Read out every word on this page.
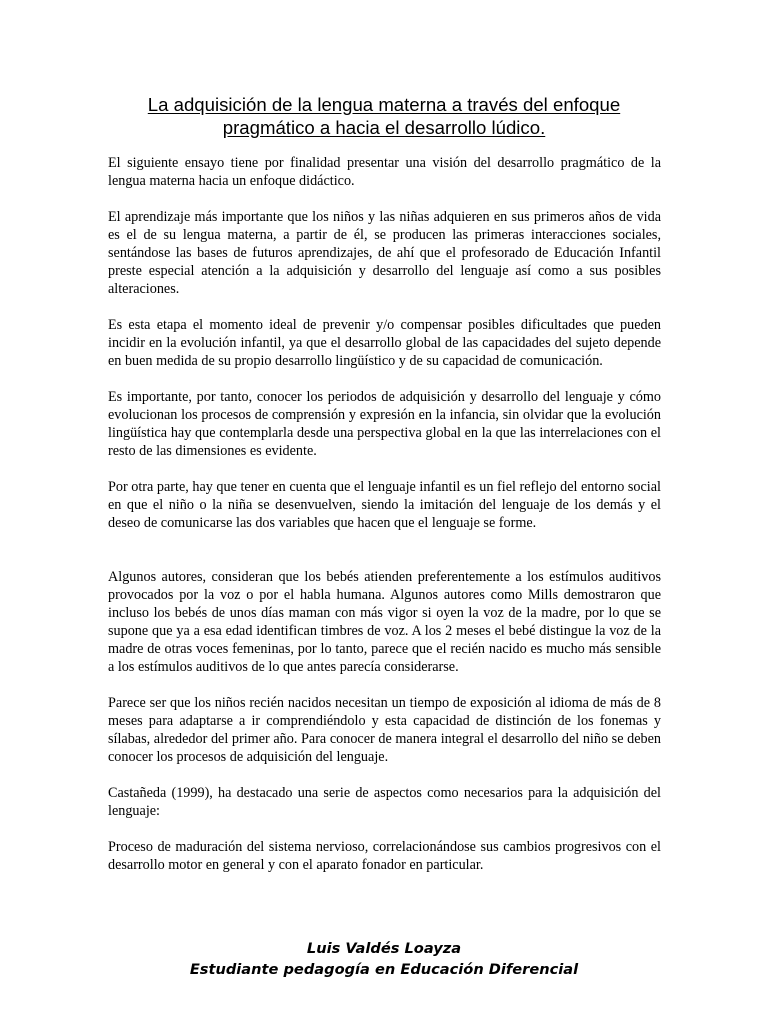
La adquisición de la lengua materna a través del enfoque pragmático a hacia el desarrollo lúdico.

El siguiente ensayo tiene por finalidad presentar una visión del desarrollo pragmático de la lengua materna hacia un enfoque didáctico.

El aprendizaje más importante que los niños y las niñas adquieren en sus primeros años de vida es el de su lengua materna, a partir de él, se producen las primeras interacciones sociales, sentándose las bases de futuros aprendizajes, de ahí que el profesorado de Educación Infantil preste especial atención a la adquisición y desarrollo del lenguaje así como a sus posibles alteraciones.

Es esta etapa el momento ideal de prevenir y/o compensar posibles dificultades que pueden incidir en la evolución infantil, ya que el desarrollo global de las capacidades del sujeto depende en buen medida de su propio desarrollo lingüístico y de su capacidad de comunicación.

Es importante, por tanto, conocer los periodos de adquisición y desarrollo del lenguaje y cómo evolucionan los procesos de comprensión y expresión en la infancia, sin olvidar que la evolución lingüística hay que contemplarla desde una perspectiva global en la que las interrelaciones con el resto de las dimensiones es evidente.

Por otra parte, hay que tener en cuenta que el lenguaje infantil es un fiel reflejo del entorno social en que el niño o la niña se desenvuelven, siendo la imitación del lenguaje de los demás y el deseo de comunicarse las dos variables que hacen que el lenguaje se forme.

Algunos autores, consideran que los bebés atienden preferentemente a los estímulos auditivos provocados por la voz o por el habla humana. Algunos autores como Mills demostraron que incluso los bebés de unos días maman con más vigor si oyen la voz de la madre, por lo que se supone que ya a esa edad identifican timbres de voz. A los 2 meses el bebé distingue la voz de la madre de otras voces femeninas, por lo tanto, parece que el recién nacido es mucho más sensible a los estímulos auditivos de lo que antes parecía considerarse.

Parece ser que los niños recién nacidos necesitan un tiempo de exposición al idioma de más de 8 meses para adaptarse a ir comprendiéndolo y esta capacidad de distinción de los fonemas y sílabas, alrededor del primer año. Para conocer de manera integral el desarrollo del niño se deben conocer los procesos de adquisición del lenguaje.

Castañeda (1999), ha destacado una serie de aspectos como necesarios para la adquisición del lenguaje:

Proceso de maduración del sistema nervioso, correlacionándose sus cambios progresivos con el desarrollo motor en general y con el aparato fonador en particular.

Luis Valdés Loayza
Estudiante pedagogía en Educación Diferencial
